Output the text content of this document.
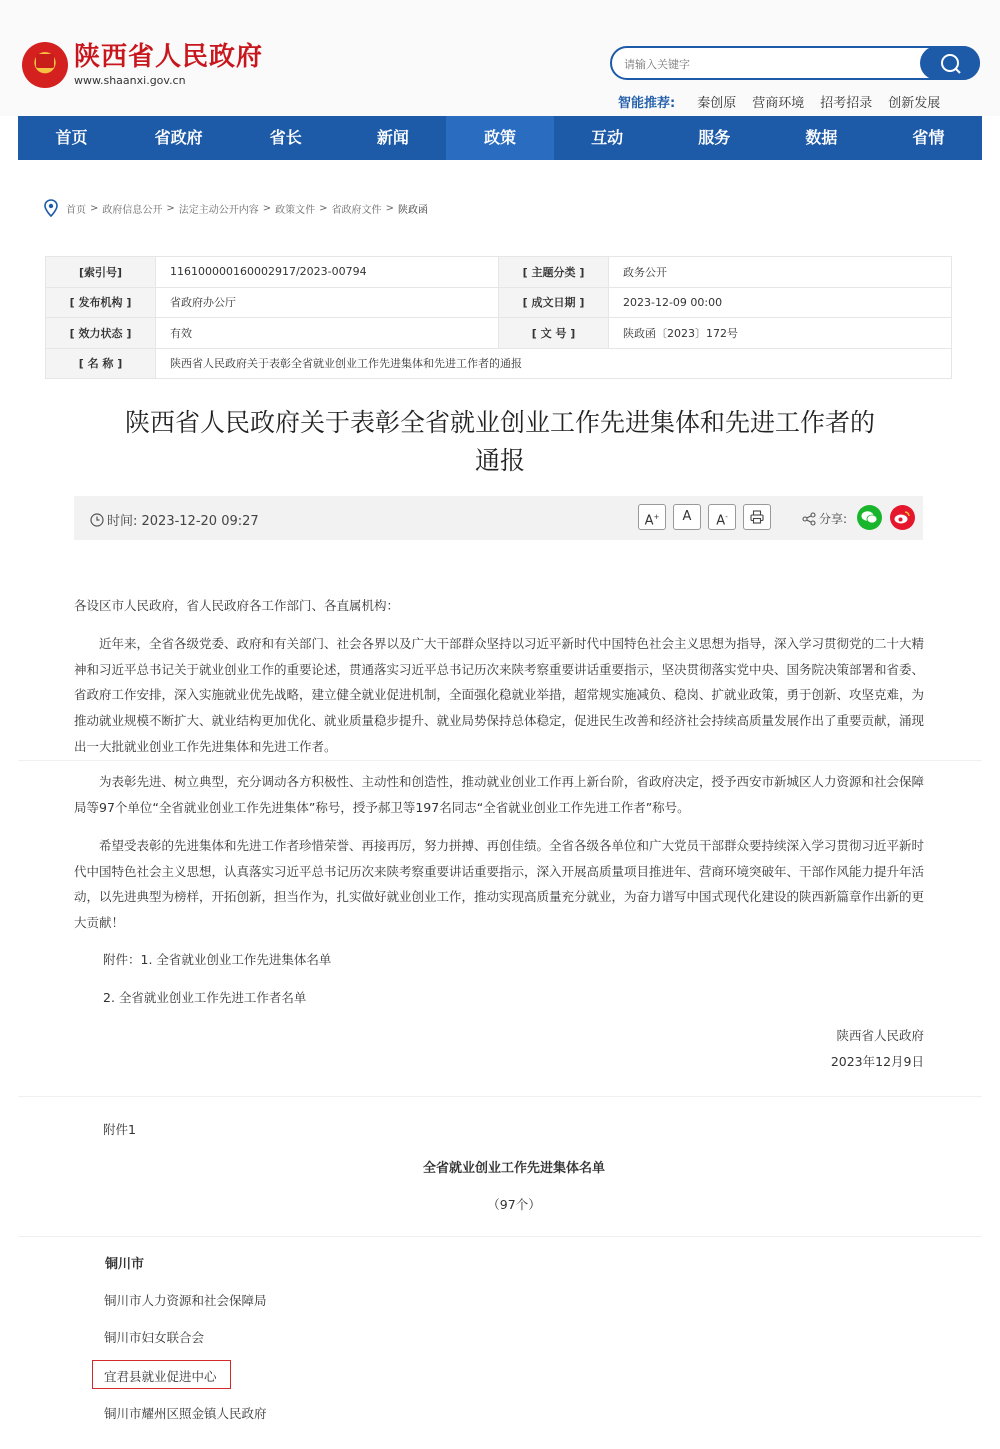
陕西省人民政府
www.shaanxi.gov.cn
请输入关键字
智能推荐: 秦创原 营商环境 招考招录 创新发展
首页	省政府	省长	新闻	政策	互动	服务	数据	省情
首页 > 政府信息公开 > 法定主动公开内容 > 政策文件 > 省政府文件 > 陕政函
[索引号]	116100000160002917/2023-00794	[ 主题分类 ]	政务公开
[ 发布机构 ]	省政府办公厅	[ 成文日期 ]	2023-12-09 00:00
[ 效力状态 ]	有效	[ 文 号 ]	陕政函〔2023〕172号
[ 名 称 ]	陕西省人民政府关于表彰全省就业创业工作先进集体和先进工作者的通报		
陕西省人民政府关于表彰全省就业创业工作先进集体和先进工作者的
通报
时间: 2023-12-20 09:27	A+	A	A-	分享:
各设区市人民政府，省人民政府各工作部门、各直属机构：
近年来，全省各级党委、政府和有关部门、社会各界以及广大干部群众坚持以习近平新时代中国特色社会主义思想为指导，深入学习贯彻党的二十大精神和习近平总书记关于就业创业工作的重要论述，贯通落实习近平总书记历次来陕考察重要讲话重要指示，坚决贯彻落实党中央、国务院决策部署和省委、省政府工作安排，深入实施就业优先战略，建立健全就业促进机制，全面强化稳就业举措，超常规实施减负、稳岗、扩就业政策，勇于创新、攻坚克难，为推动就业规模不断扩大、就业结构更加优化、就业质量稳步提升、就业局势保持总体稳定，促进民生改善和经济社会持续高质量发展作出了重要贡献，涌现出一大批就业创业工作先进集体和先进工作者。
为表彰先进、树立典型，充分调动各方积极性、主动性和创造性，推动就业创业工作再上新台阶，省政府决定，授予西安市新城区人力资源和社会保障局等97个单位“全省就业创业工作先进集体”称号，授予郝卫等197名同志“全省就业创业工作先进工作者”称号。
希望受表彰的先进集体和先进工作者珍惜荣誉、再接再厉，努力拼搏、再创佳绩。全省各级各单位和广大党员干部群众要持续深入学习贯彻习近平新时代中国特色社会主义思想，认真落实习近平总书记历次来陕考察重要讲话重要指示，深入开展高质量项目推进年、营商环境突破年、干部作风能力提升年活动，以先进典型为榜样，开拓创新，担当作为，扎实做好就业创业工作，推动实现高质量充分就业，为奋力谱写中国式现代化建设的陕西新篇章作出新的更大贡献！
附件：1. 全省就业创业工作先进集体名单
2. 全省就业创业工作先进工作者名单
陕西省人民政府
2023年12月9日
附件1
全省就业创业工作先进集体名单
（97个）
铜川市
铜川市人力资源和社会保障局
铜川市妇女联合会
宜君县就业促进中心
铜川市耀州区照金镇人民政府
